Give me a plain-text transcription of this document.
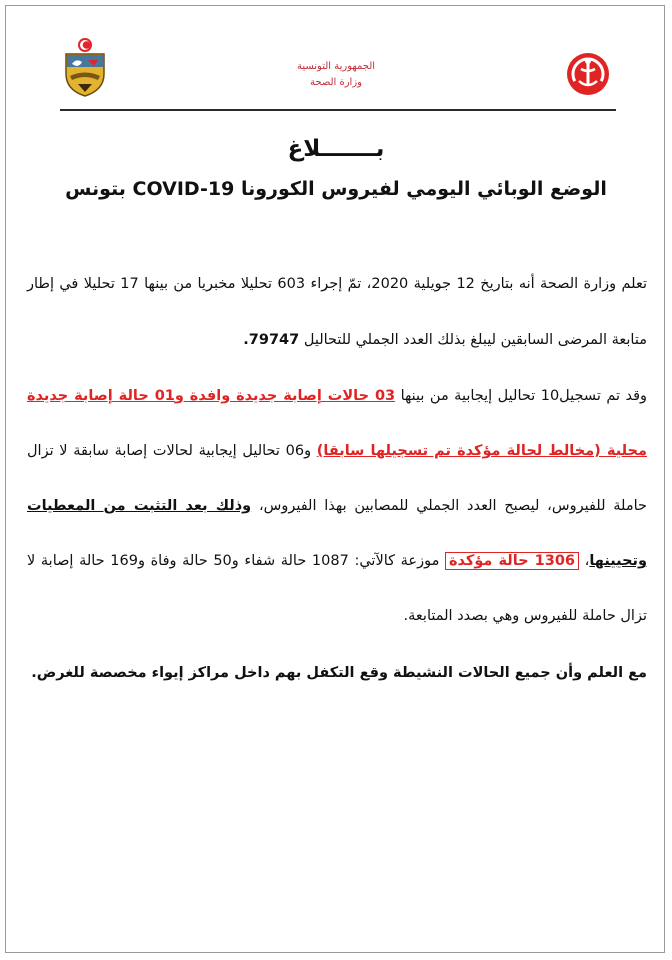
الجمهورية التونسية
وزارة الصحة
بـــــــلاغ
الوضع الوبائي اليومي لفيروس الكورونا COVID-19 بتونس

تعلم وزارة الصحة أنه بتاريخ 12 جويلية 2020، تمّ إجراء 603 تحليلا مخبريا من بينها 17 تحليلا في إطار متابعة المرضى السابقين ليبلغ بذلك العدد الجملي للتحاليل 79747.

وقد تم تسجيل10 تحاليل إيجابية من بينها 03 حالات إصابة جديدة وافدة و01 حالة إصابة جديدة محلية (مخالط لحالة مؤكدة تم تسجيلها سابقا) و06 تحاليل إيجابية لحالات إصابة سابقة لا تزال حاملة للفيروس، ليصبح العدد الجملي للمصابين بهذا الفيروس، وذلك بعد التثبت من المعطيات وتحيينها، 1306 حالة مؤكدة موزعة كالآتي: 1087 حالة شفاء و50 حالة وفاة و169 حالة إصابة لا تزال حاملة للفيروس وهي بصدد المتابعة.

مع العلم وأن جميع الحالات النشيطة وقع التكفل بهم داخل مراكز إيواء مخصصة للغرض.
